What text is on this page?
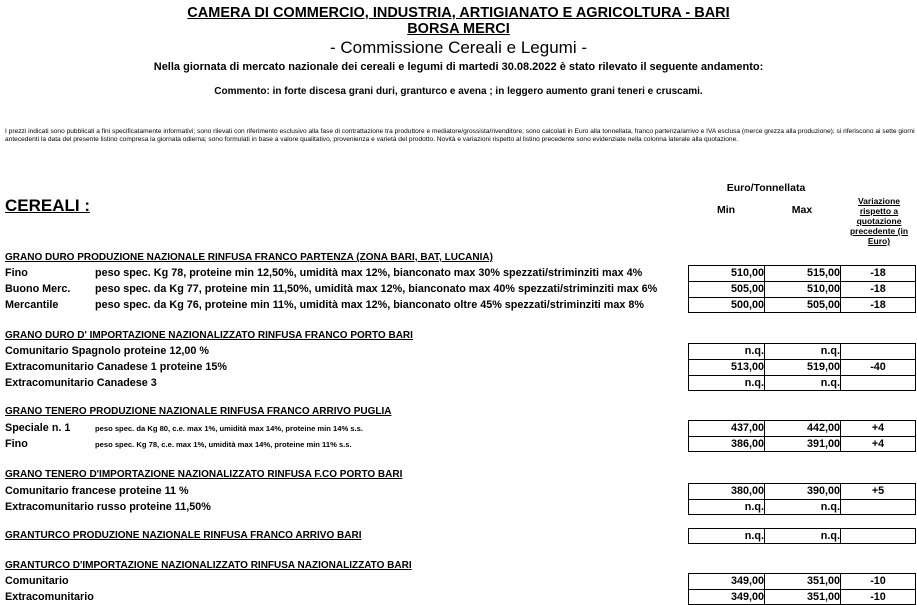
CAMERA DI COMMERCIO, INDUSTRIA, ARTIGIANATO E AGRICOLTURA - BARI
BORSA MERCI
- Commissione Cereali e Legumi -
Nella giornata di mercato nazionale dei cereali e legumi di martedi 30.08.2022 è stato rilevato il seguente andamento:
Commento: in forte discesa grani duri, granturco e avena ; in leggero aumento grani teneri e cruscami.
I prezzi indicati sono pubblicati a fini specificatamente informativi; sono rilevati con riferimento esclusivo alla fase di contrattazione tra produttore e mediatore/grossista/rivenditore; sono calcolati in Euro alla tonnellata, franco partenza/arrivo e IVA esclusa (merce grezza alla produzione); si riferiscono ai sette giorni antecedenti la data del presente listino compresa la giornata odierna; sono formulati in base a valore qualitativo, provenienza e varietà del prodotto. Novità e variazioni rispetto al listino precedente sono evidenziate nella colonna laterale alla quotazione.
CEREALI :
Euro/Tonnellata
Min	Max
Variazione rispetto a quotazione precedente (in Euro)
GRANO DURO PRODUZIONE NAZIONALE RINFUSA FRANCO PARTENZA (ZONA BARI, BAT, LUCANIA)
Fino	peso spec. Kg 78, proteine min 12,50%, umidità max 12%, bianconato max 30% spezzati/striminziti max 4%	510,00	515,00	-18
Buono Merc. peso spec. da Kg 77, proteine min 11,50%, umidità max 12%, bianconato max 40% spezzati/striminziti max 6%	505,00	510,00	-18
Mercantile	peso spec. da Kg 76, proteine min 11%, umidità max 12%, bianconato oltre 45% spezzati/striminziti max 8%	500,00	505,00	-18
GRANO DURO D' IMPORTAZIONE NAZIONALIZZATO RINFUSA FRANCO PORTO BARI
Comunitario Spagnolo proteine 12,00 %	n.q.	n.q.
Extracomunitario Canadese 1 proteine 15%	513,00	519,00	-40
Extracomunitario Canadese 3	n.q.	n.q.
GRANO TENERO PRODUZIONE NAZIONALE RINFUSA FRANCO ARRIVO PUGLIA
Speciale n. 1	peso spec. da Kg 80, c.e. max 1%, umidità max 14%, proteine min 14% s.s.	437,00	442,00	+4
Fino	peso spec. Kg 78, c.e. max 1%, umidità max 14%, proteine min 11% s.s.	386,00	391,00	+4
GRANO TENERO D'IMPORTAZIONE NAZIONALIZZATO RINFUSA F.CO PORTO BARI
Comunitario francese proteine 11 %	380,00	390,00	+5
Extracomunitario russo proteine 11,50%	n.q.	n.q.
GRANTURCO PRODUZIONE NAZIONALE RINFUSA FRANCO ARRIVO BARI	n.q.	n.q.
GRANTURCO D'IMPORTAZIONE NAZIONALIZZATO RINFUSA NAZIONALIZZATO BARI
Comunitario	349,00	351,00	-10
Extracomunitario	349,00	351,00	-10
